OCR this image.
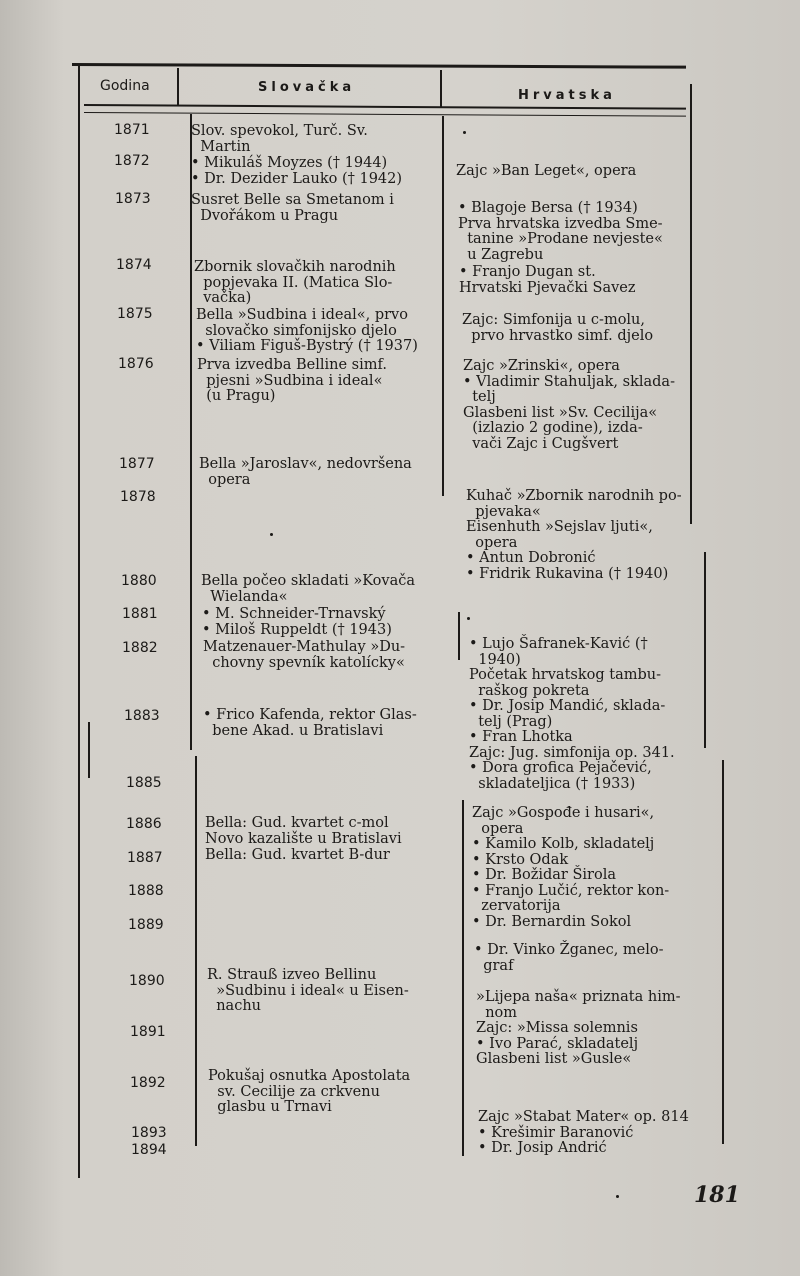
Godina	Slovačka
Hrvatska
1871
1872
1873
1874
1875
1876
1877
1878
1880
1881
1882
1883
1885
1886
1887
1888
1889
1890
1891
1892
1893
1894
Slov. spevokol, Turč. Sv.
Martin
• Mikuláš Moyzes († 1944)
• Dr. Dezider Lauko († 1942)
Susret Belle sa Smetanom i
Dvořákom u Pragu
Zbornik slovačkih narodnih
popjevaka II. (Matica Slo-
vačka)
Bella »Sudbina i ideal«, prvo
slovačko simfonijsko djelo
• Viliam Figuš-Bystrý († 1937)
Prva izvedba Belline simf.
pjesni »Sudbina i ideal«
(u Pragu)
Bella »Jaroslav«, nedovršena
opera
Bella počeo skladati »Kovača
Wielanda«
• M. Schneider-Trnavský
• Miloš Ruppeldt († 1943)
Matzenauer-Mathulay »Du-
chovny spevník katolícky«
• Frico Kafenda, rektor Glas-
bene Akad. u Bratislavi
Bella: Gud. kvartet c-mol
Novo kazalište u Bratislavi
Bella: Gud. kvartet B-dur
R. Strauß izveo Bellinu
»Sudbinu i ideal« u Eisen-
nachu
Pokušaj osnutka Apostolata
sv. Cecilije za crkvenu
glasbu u Trnavi
Zajc »Ban Leget«, opera
• Blagoje Bersa († 1934)
Prva hrvatska izvedba Sme-
tanine »Prodane nevjeste«
u Zagrebu
• Franjo Dugan st.
Hrvatski Pjevački Savez
Zajc: Simfonija u c-molu,
prvo hrvastko simf. djelo
Zajc »Zrinski«, opera
• Vladimir Stahuljak, sklada-
telj
Glasbeni list »Sv. Cecilija«
(izlazio 2 godine), izda-
vači Zajc i Cugšvert
Kuhač »Zbornik narodnih po-
pjevaka«
Eisenhuth »Sejslav ljuti«,
opera
• Antun Dobronić
• Fridrik Rukavina († 1940)
• Lujo Šafranek-Kavić (†
1940)
Početak hrvatskog tambu-
raškog pokreta
• Dr. Josip Mandić, sklada-
telj (Prag)
• Fran Lhotka
Zajc: Jug. simfonija op. 341.
• Dora grofica Pejačević,
skladateljica († 1933)
Zajc »Gospođe i husari«,
opera
• Kamilo Kolb, skladatelj
• Krsto Odak
• Dr. Božidar Širola
• Franjo Lučić, rektor kon-
zervatorija
• Dr. Bernardin Sokol
• Dr. Vinko Žganec, melo-
graf
»Lijepa naša« priznata him-
nom
Zajc: »Missa solemnis
• Ivo Parać, skladatelj
Glasbeni list »Gusle«
Zajc »Stabat Mater« op. 814
• Krešimir Baranović
• Dr. Josip Andrić
181
